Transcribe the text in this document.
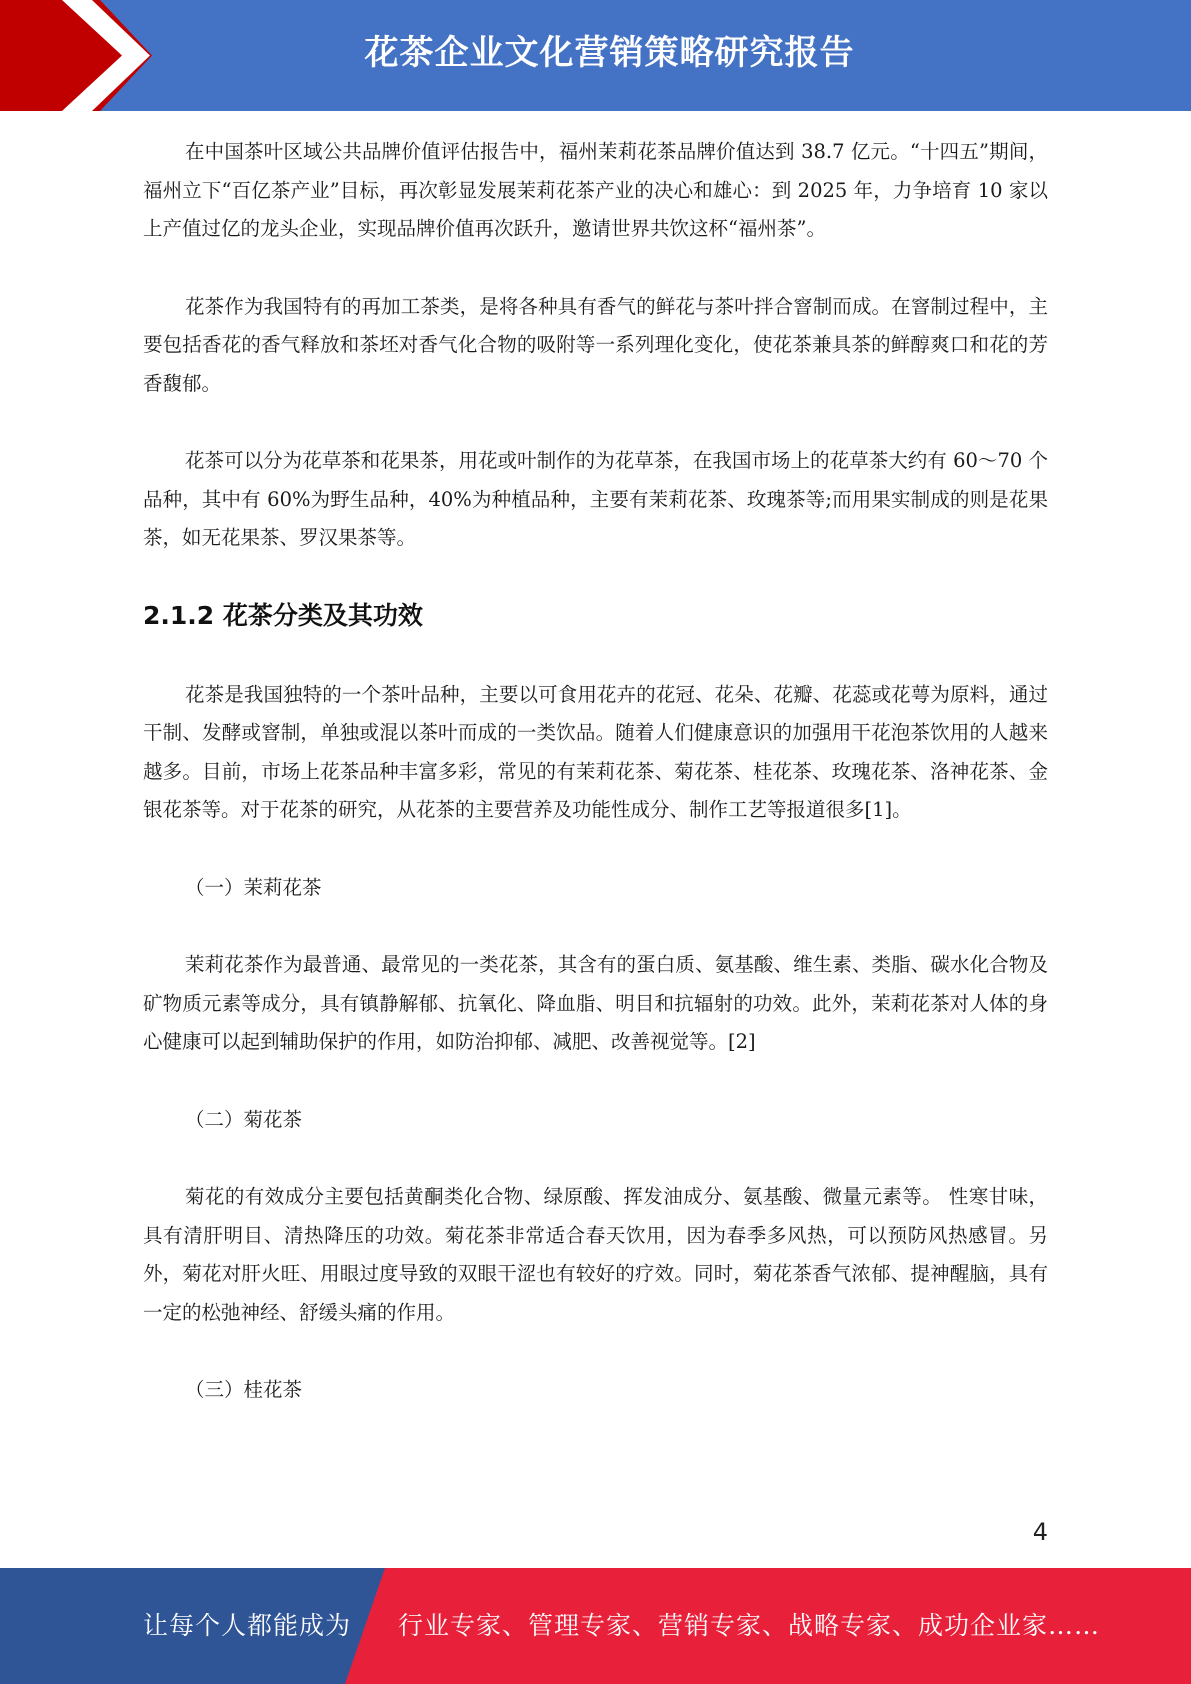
花茶企业文化营销策略研究报告

在中国茶叶区域公共品牌价值评估报告中，福州茉莉花茶品牌价值达到 38.7 亿元。“十四五”期间，福州立下“百亿茶产业”目标，再次彰显发展茉莉花茶产业的决心和雄心：到 2025 年，力争培育 10 家以上产值过亿的龙头企业，实现品牌价值再次跃升，邀请世界共饮这杯“福州茶”。

花茶作为我国特有的再加工茶类，是将各种具有香气的鲜花与茶叶拌合窨制而成。在窨制过程中，主要包括香花的香气释放和茶坯对香气化合物的吸附等一系列理化变化，使花茶兼具茶的鲜醇爽口和花的芳香馥郁。

花茶可以分为花草茶和花果茶，用花或叶制作的为花草茶，在我国市场上的花草茶大约有 60～70 个品种，其中有 60%为野生品种，40%为种植品种，主要有茉莉花茶、玫瑰茶等;而用果实制成的则是花果茶，如无花果茶、罗汉果茶等。

2.1.2 花茶分类及其功效

花茶是我国独特的一个茶叶品种，主要以可食用花卉的花冠、花朵、花瓣、花蕊或花萼为原料，通过干制、发酵或窨制，单独或混以茶叶而成的一类饮品。随着人们健康意识的加强用干花泡茶饮用的人越来越多。目前，市场上花茶品种丰富多彩，常见的有茉莉花茶、菊花茶、桂花茶、玫瑰花茶、洛神花茶、金银花茶等。对于花茶的研究，从花茶的主要营养及功能性成分、制作工艺等报道很多[1]。

（一）茉莉花茶

茉莉花茶作为最普通、最常见的一类花茶，其含有的蛋白质、氨基酸、维生素、类脂、碳水化合物及矿物质元素等成分，具有镇静解郁、抗氧化、降血脂、明目和抗辐射的功效。此外，茉莉花茶对人体的身心健康可以起到辅助保护的作用，如防治抑郁、减肥、改善视觉等。[2]

（二）菊花茶

菊花的有效成分主要包括黄酮类化合物、绿原酸、挥发油成分、氨基酸、微量元素等。 性寒甘味，具有清肝明目、清热降压的功效。菊花茶非常适合春天饮用，因为春季多风热，可以预防风热感冒。另外，菊花对肝火旺、用眼过度导致的双眼干涩也有较好的疗效。同时，菊花茶香气浓郁、提神醒脑，具有一定的松弛神经、舒缓头痛的作用。

（三）桂花茶

4
让每个人都能成为 行业专家、管理专家、营销专家、战略专家、成功企业家……
